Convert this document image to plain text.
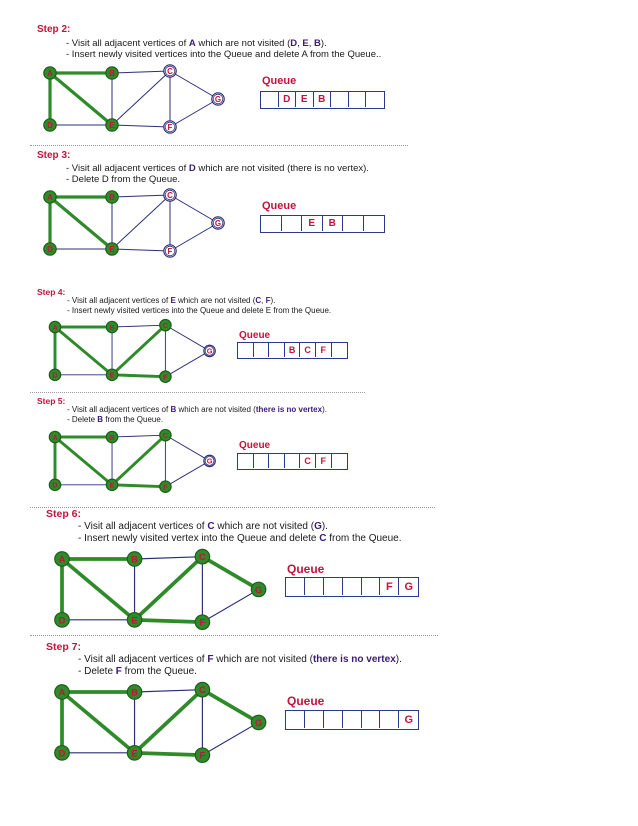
Step 2:
- Visit all adjacent vertices of A which are not visited (D, E, B).
- Insert newly visited vertices into the Queue and delete A from the Queue..
Queue
D	E	B
A	B	C
D	E	F
G
Step 3:
- Visit all adjacent vertices of D which are not visited (there is no vertex).
- Delete D from the Queue.
Queue
E	B
A	B	C
D	E	F
G
Step 4:
- Visit all adjacent vertices of E which are not visited (C, F).
- Insert newly visited vertices into the Queue and delete E from the Queue.
Queue
B	C	F
A	B	C
D	E	F
G
Step 5:
- Visit all adjacent vertices of B which are not visited (there is no vertex).
- Delete B from the Queue.
Queue
C	F
A	B	C
D	E	F
G
Step 6:
- Visit all adjacent vertices of C which are not visited (G).
- Insert newly visited vertex into the Queue and delete C from the Queue.
Queue
F	G
A	B	C
D	E	F
G
Step 7:
- Visit all adjacent vertices of F which are not visited (there is no vertex).
- Delete F from the Queue.
Queue
G
A	B	C
D	E	F
G
